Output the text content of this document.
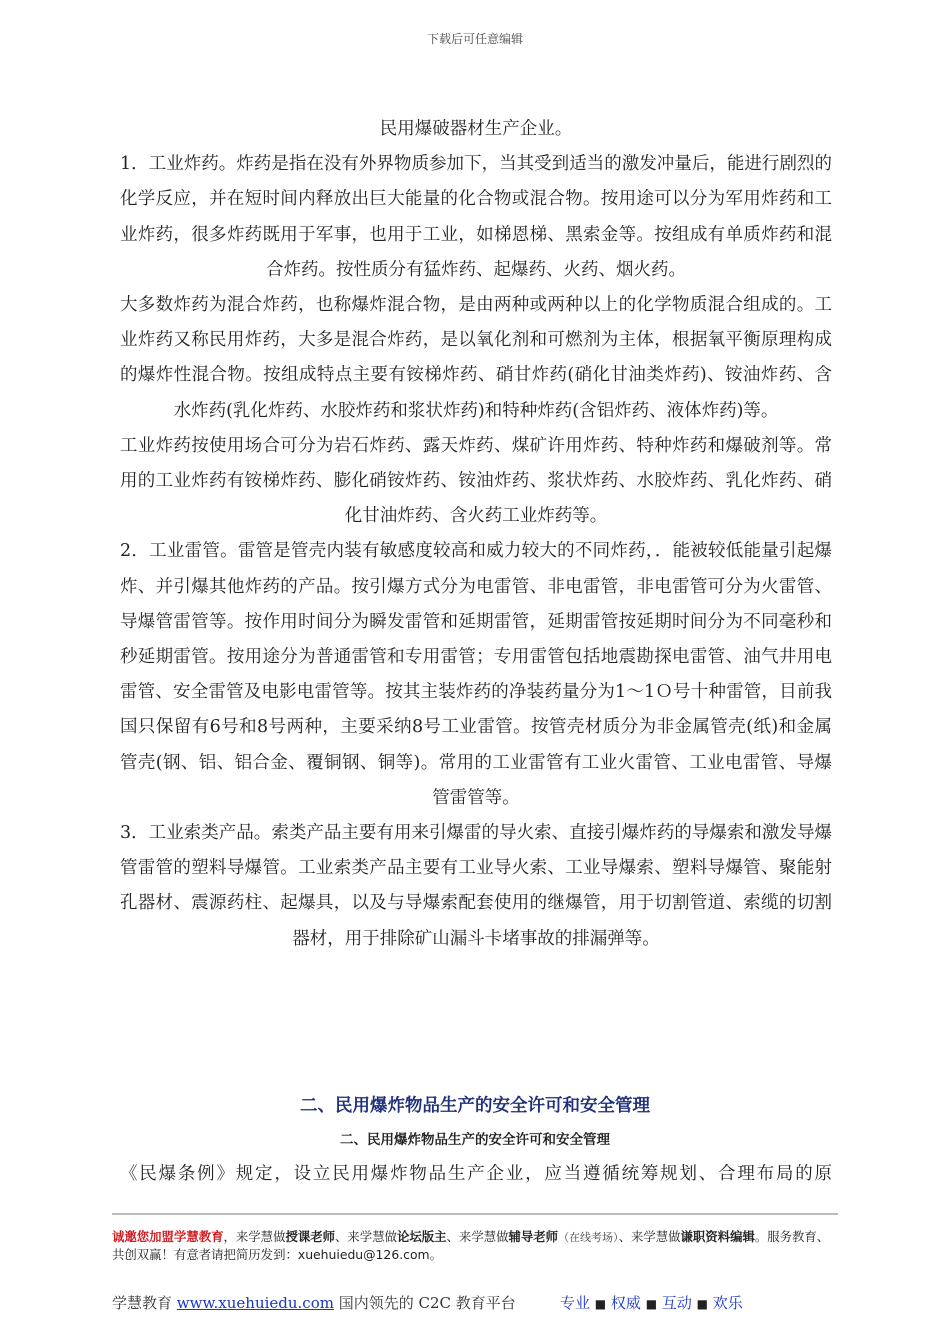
下载后可任意编辑

民用爆破器材生产企业。

1．工业炸药。炸药是指在没有外界物质参加下，当其受到适当的激发冲量后，能进行剧烈的化学反应，并在短时间内释放出巨大能量的化合物或混合物。按用途可以分为军用炸药和工业炸药，很多炸药既用于军事，也用于工业，如梯恩梯、黑索金等。按组成有单质炸药和混合炸药。按性质分有猛炸药、起爆药、火药、烟火药。

大多数炸药为混合炸药，也称爆炸混合物，是由两种或两种以上的化学物质混合组成的。工业炸药又称民用炸药，大多是混合炸药，是以氧化剂和可燃剂为主体，根据氧平衡原理构成的爆炸性混合物。按组成特点主要有铵梯炸药、硝甘炸药(硝化甘油类炸药)、铵油炸药、含水炸药(乳化炸药、水胶炸药和浆状炸药)和特种炸药(含铝炸药、液体炸药)等。

工业炸药按使用场合可分为岩石炸药、露天炸药、煤矿许用炸药、特种炸药和爆破剂等。常用的工业炸药有铵梯炸药、膨化硝铵炸药、铵油炸药、浆状炸药、水胶炸药、乳化炸药、硝化甘油炸药、含火药工业炸药等。

2．工业雷管。雷管是管壳内装有敏感度较高和威力较大的不同炸药，．能被较低能量引起爆炸、并引爆其他炸药的产品。按引爆方式分为电雷管、非电雷管，非电雷管可分为火雷管、导爆管雷管等。按作用时间分为瞬发雷管和延期雷管，延期雷管按延期时间分为不同毫秒和秒延期雷管。按用途分为普通雷管和专用雷管；专用雷管包括地震勘探电雷管、油气井用电雷管、安全雷管及电影电雷管等。按其主装炸药的净装药量分为1～1Ｏ号十种雷管，目前我国只保留有6号和8号两种，主要采纳8号工业雷管。按管壳材质分为非金属管壳(纸)和金属管壳(钢、铝、铝合金、覆铜钢、铜等)。常用的工业雷管有工业火雷管、工业电雷管、导爆管雷管等。

3．工业索类产品。索类产品主要有用来引爆雷的导火索、直接引爆炸药的导爆索和激发导爆管雷管的塑料导爆管。工业索类产品主要有工业导火索、工业导爆索、塑料导爆管、聚能射孔器材、震源药柱、起爆具，以及与导爆索配套使用的继爆管，用于切割管道、索缆的切割器材，用于排除矿山漏斗卡堵事故的排漏弹等。

二、民用爆炸物品生产的安全许可和安全管理
二、民用爆炸物品生产的安全许可和安全管理
《民爆条例》规定，设立民用爆炸物品生产企业，应当遵循统筹规划、合理布局的原
诚邀您加盟学慧教育，来学慧做授课老师、来学慧做论坛版主、来学慧做辅导老师（在线考场）、来学慧做谦职资料编辑。服务教育、共创双赢！有意者请把简历发到：xuehuiedu@126.com。
学慧教育 www.xuehuiedu.com 国内领先的 C2C 教育平台	专业 ■ 权威 ■ 互动 ■ 欢乐
